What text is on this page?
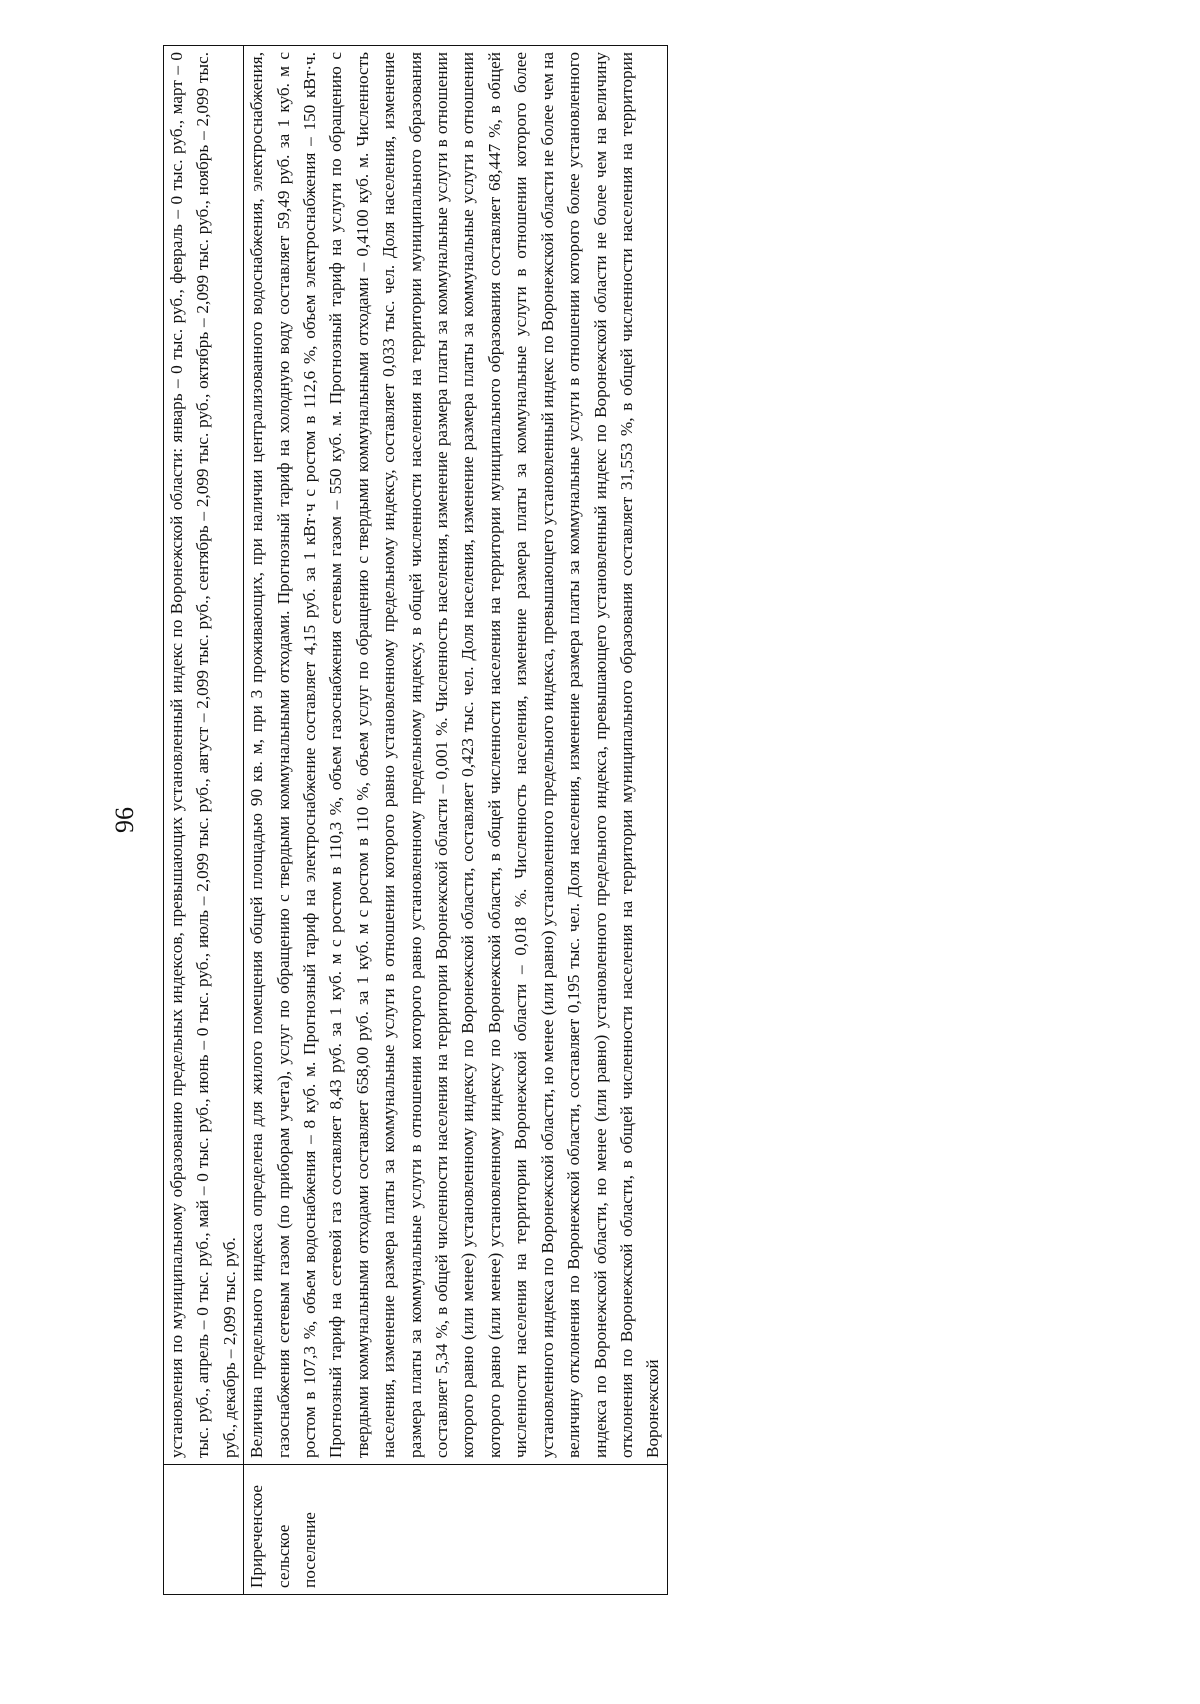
96

	установления по муниципальному образованию предельных индексов, превышающих установленный индекс по Воронежской области: январь – 0 тыс. руб., февраль – 0 тыс. руб., март – 0 тыс. руб., апрель – 0 тыс. руб., май – 0 тыс. руб., июнь – 0 тыс. руб., июль – 2,099 тыс. руб., август – 2,099 тыс. руб., сентябрь – 2,099 тыс. руб., октябрь – 2,099 тыс. руб., ноябрь – 2,099 тыс. руб., декабрь – 2,099 тыс. руб.

Приреченское сельское поселение	Величина предельного индекса определена для жилого помещения общей площадью 90 кв. м, при 3 проживающих, при наличии централизованного водоснабжения, электроснабжения, газоснабжения сетевым газом (по приборам учета), услуг по обращению с твердыми коммунальными отходами. Прогнозный тариф на холодную воду составляет 59,49 руб. за 1 куб. м с ростом в 107,3 %, объем водоснабжения – 8 куб. м. Прогнозный тариф на электроснабжение составляет 4,15 руб. за 1 кВт·ч с ростом в 112,6 %, объем электроснабжения – 150 кВт·ч. Прогнозный тариф на сетевой газ составляет 8,43 руб. за 1 куб. м с ростом в 110,3 %, объем газоснабжения сетевым газом – 550 куб. м. Прогнозный тариф на услуги по обращению с твердыми коммунальными отходами составляет 658,00 руб. за 1 куб. м с ростом в 110 %, объем услуг по обращению с твердыми коммунальными отходами – 0,4100 куб. м. Численность населения, изменение размера платы за коммунальные услуги в отношении которого равно установленному предельному индексу, составляет 0,033 тыс. чел. Доля населения, изменение размера платы за коммунальные услуги в отношении которого равно установленному предельному индексу, в общей численности населения на территории муниципального образования составляет 5,34 %, в общей численности населения на территории Воронежской области – 0,001 %. Численность населения, изменение размера платы за коммунальные услуги в отношении которого равно (или менее) установленному индексу по Воронежской области, составляет 0,423 тыс. чел. Доля населения, изменение размера платы за коммунальные услуги в отношении которого равно (или менее) установленному индексу по Воронежской области, в общей численности населения на территории муниципального образования составляет 68,447 %, в общей численности населения на территории Воронежской области – 0,018 %. Численность населения, изменение размера платы за коммунальные услуги в отношении которого более установленного индекса по Воронежской области, но менее (или равно) установленного предельного индекса, превышающего установленный индекс по Воронежской области не более чем на величину отклонения по Воронежской области, составляет 0,195 тыс. чел. Доля населения, изменение размера платы за коммунальные услуги в отношении которого более установленного индекса по Воронежской области, но менее (или равно) установленного предельного индекса, превышающего установленный индекс по Воронежской области не более чем на величину отклонения по Воронежской области, в общей численности населения на территории муниципального образования составляет 31,553 %, в общей численности населения на территории Воронежской
